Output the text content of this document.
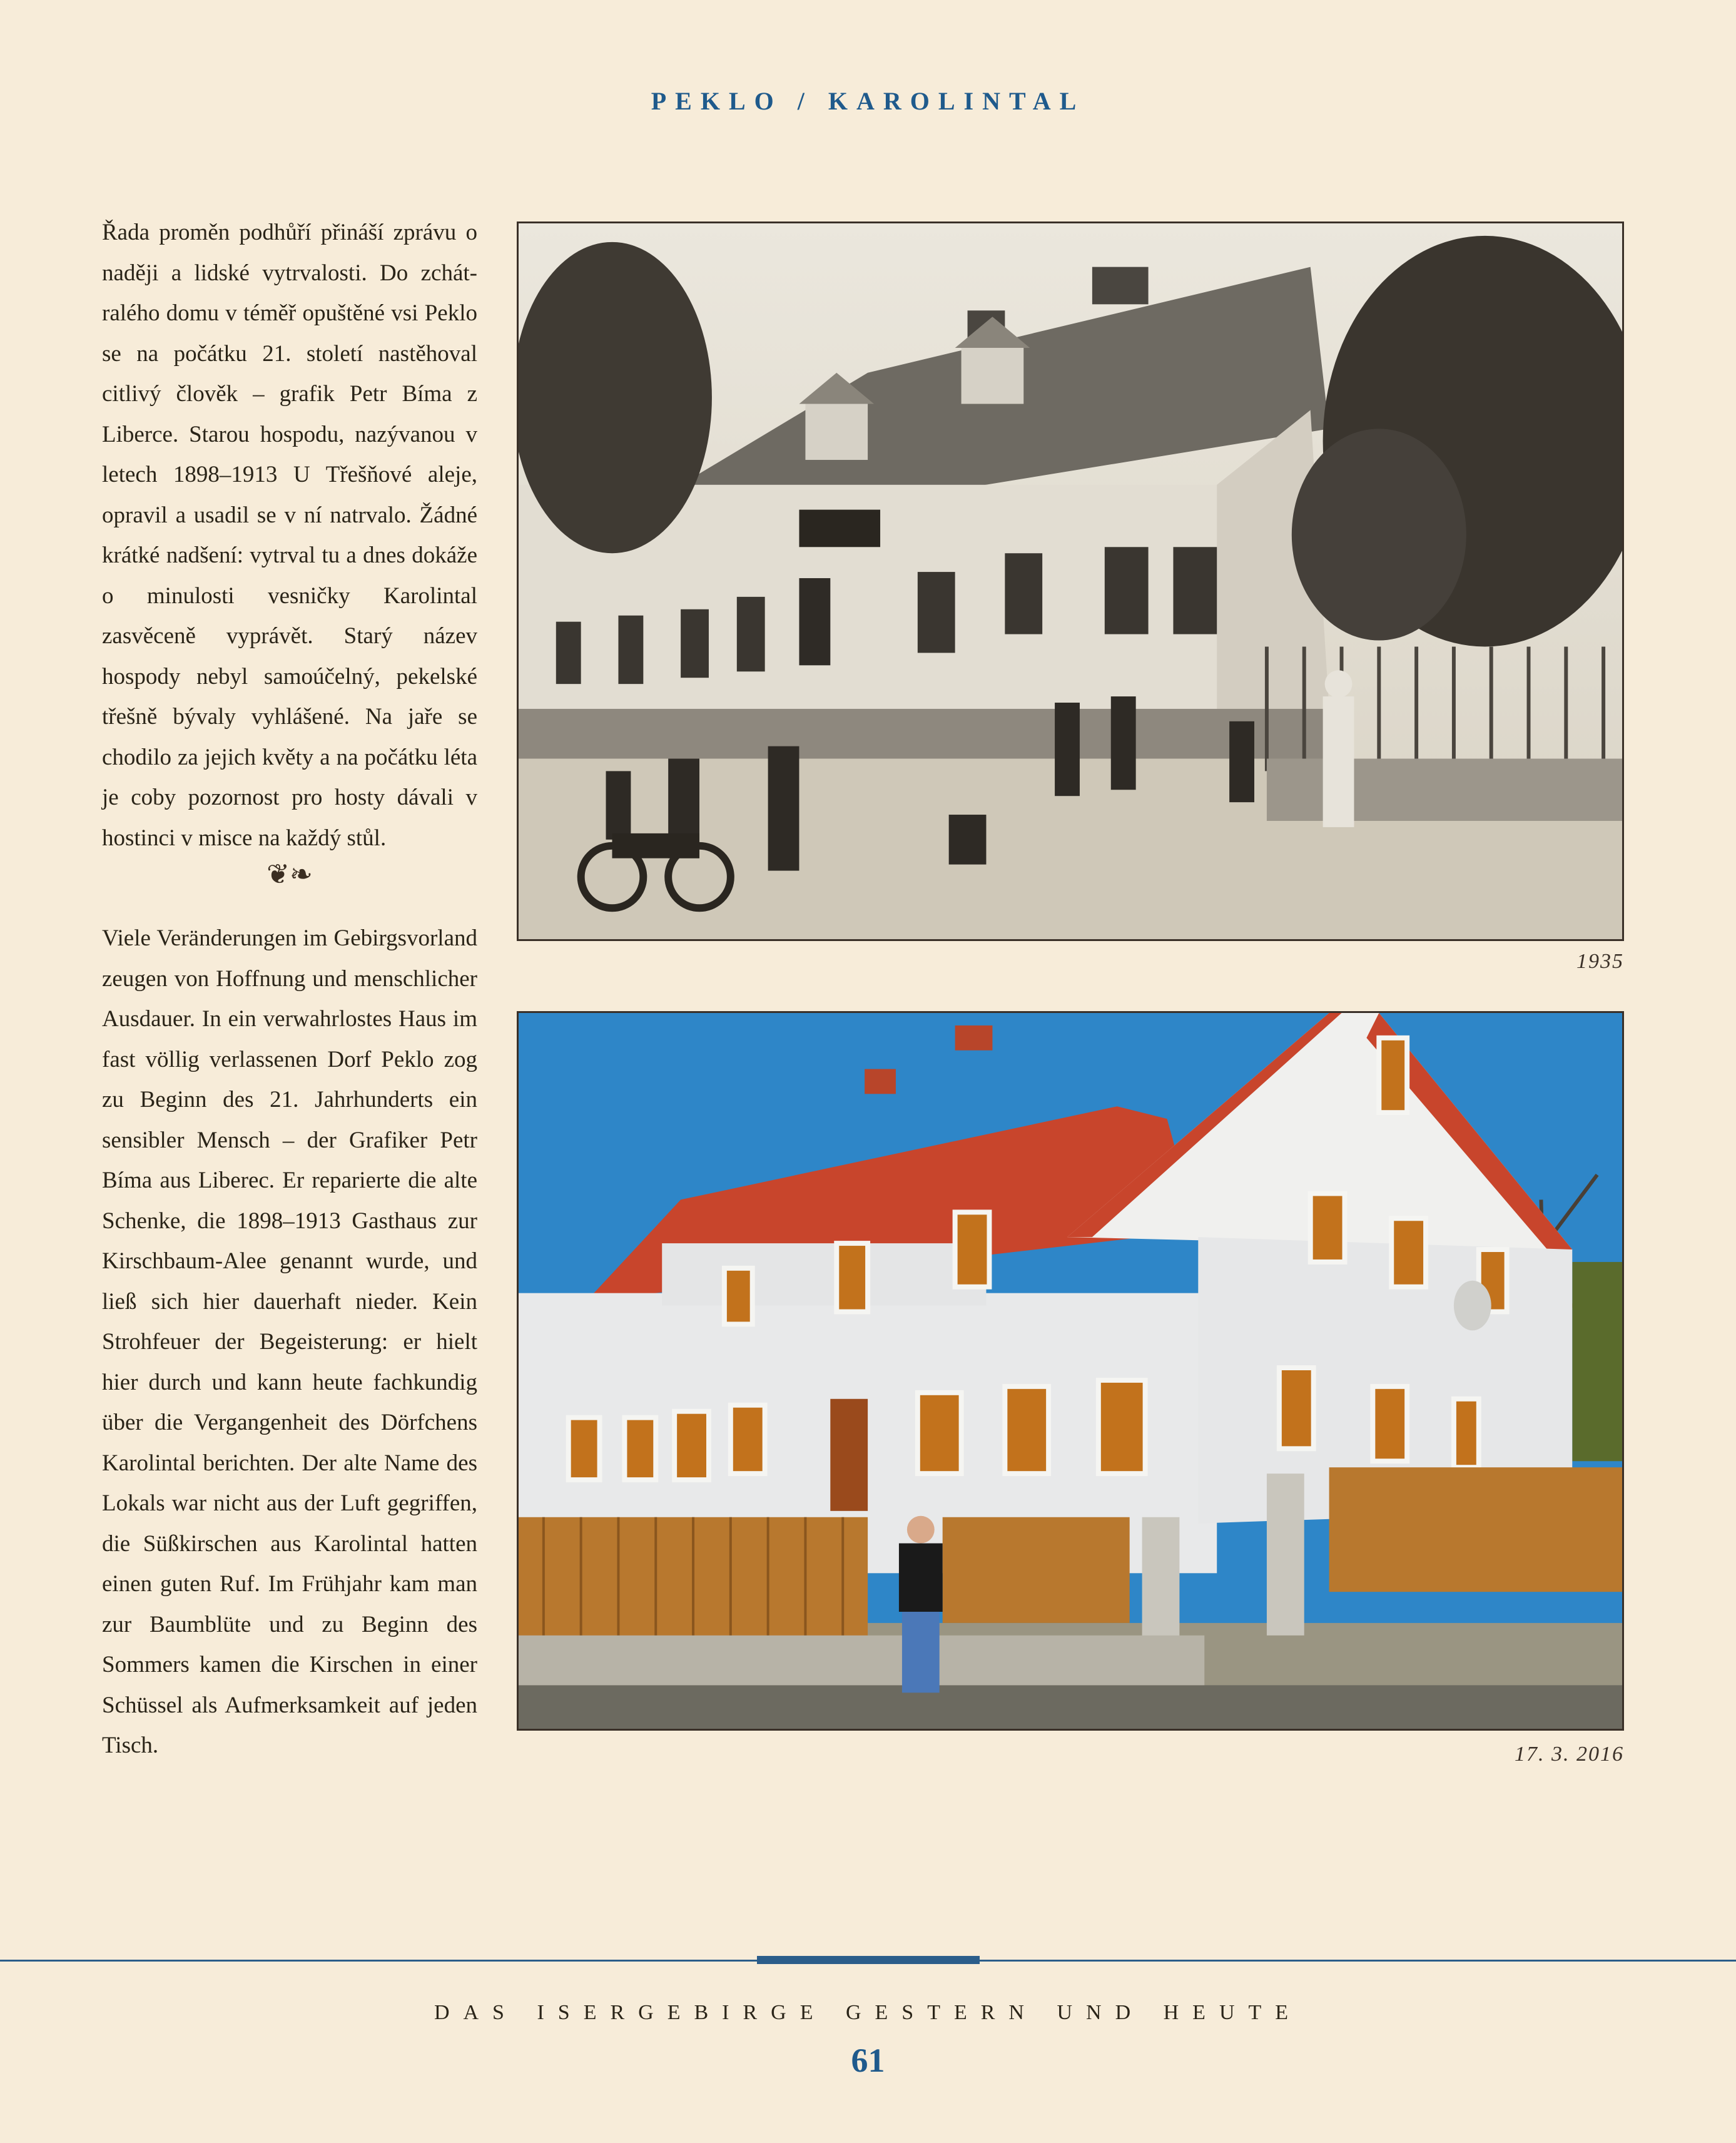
PEKLO / KAROLINTAL
Řada proměn podhůří přináší zprávu o naději a lidské vytrvalosti. Do zchátralého domu v téměř opuštěné vsi Peklo se na počátku 21. století nastěhoval citlivý člověk – grafik Petr Bíma z Liberce. Starou hospodu, nazývanou v letech 1898–1913 U Třešňové aleje, opravil a usadil se v ní natrvalo. Žádné krátké nadšení: vytrval tu a dnes dokáže o minulosti vesničky Karolintal zasvěceně vyprávět. Starý název hospody nebyl samoúčelný, pekelské třešně bývaly vyhlášené. Na jaře se chodilo za jejich květy a na počátku léta je coby pozornost pro hosty dávali v hostinci v misce na každý stůl.
❦❧
Viele Veränderungen im Gebirgsvorland zeugen von Hoffnung und menschlicher Ausdauer. In ein verwahrlostes Haus im fast völlig verlassenen Dorf Peklo zog zu Beginn des 21. Jahrhunderts ein sensibler Mensch – der Grafiker Petr Bíma aus Liberec. Er reparierte die alte Schenke, die 1898–1913 Gasthaus zur Kirschbaum-Alee genannt wurde, und ließ sich hier dauerhaft nieder. Kein Strohfeuer der Begeisterung: er hielt hier durch und kann heute fachkundig über die Vergangenheit des Dörfchens Karolintal berichten. Der alte Name des Lokals war nicht aus der Luft gegriffen, die Süßkirschen aus Karolintal hatten einen guten Ruf. Im Frühjahr kam man zur Baumblüte und zu Beginn des Sommers kamen die Kirschen in einer Schüssel als Aufmerksamkeit auf jeden Tisch.
1935
17. 3. 2016
DAS ISERGEBIRGE GESTERN UND HEUTE
61
